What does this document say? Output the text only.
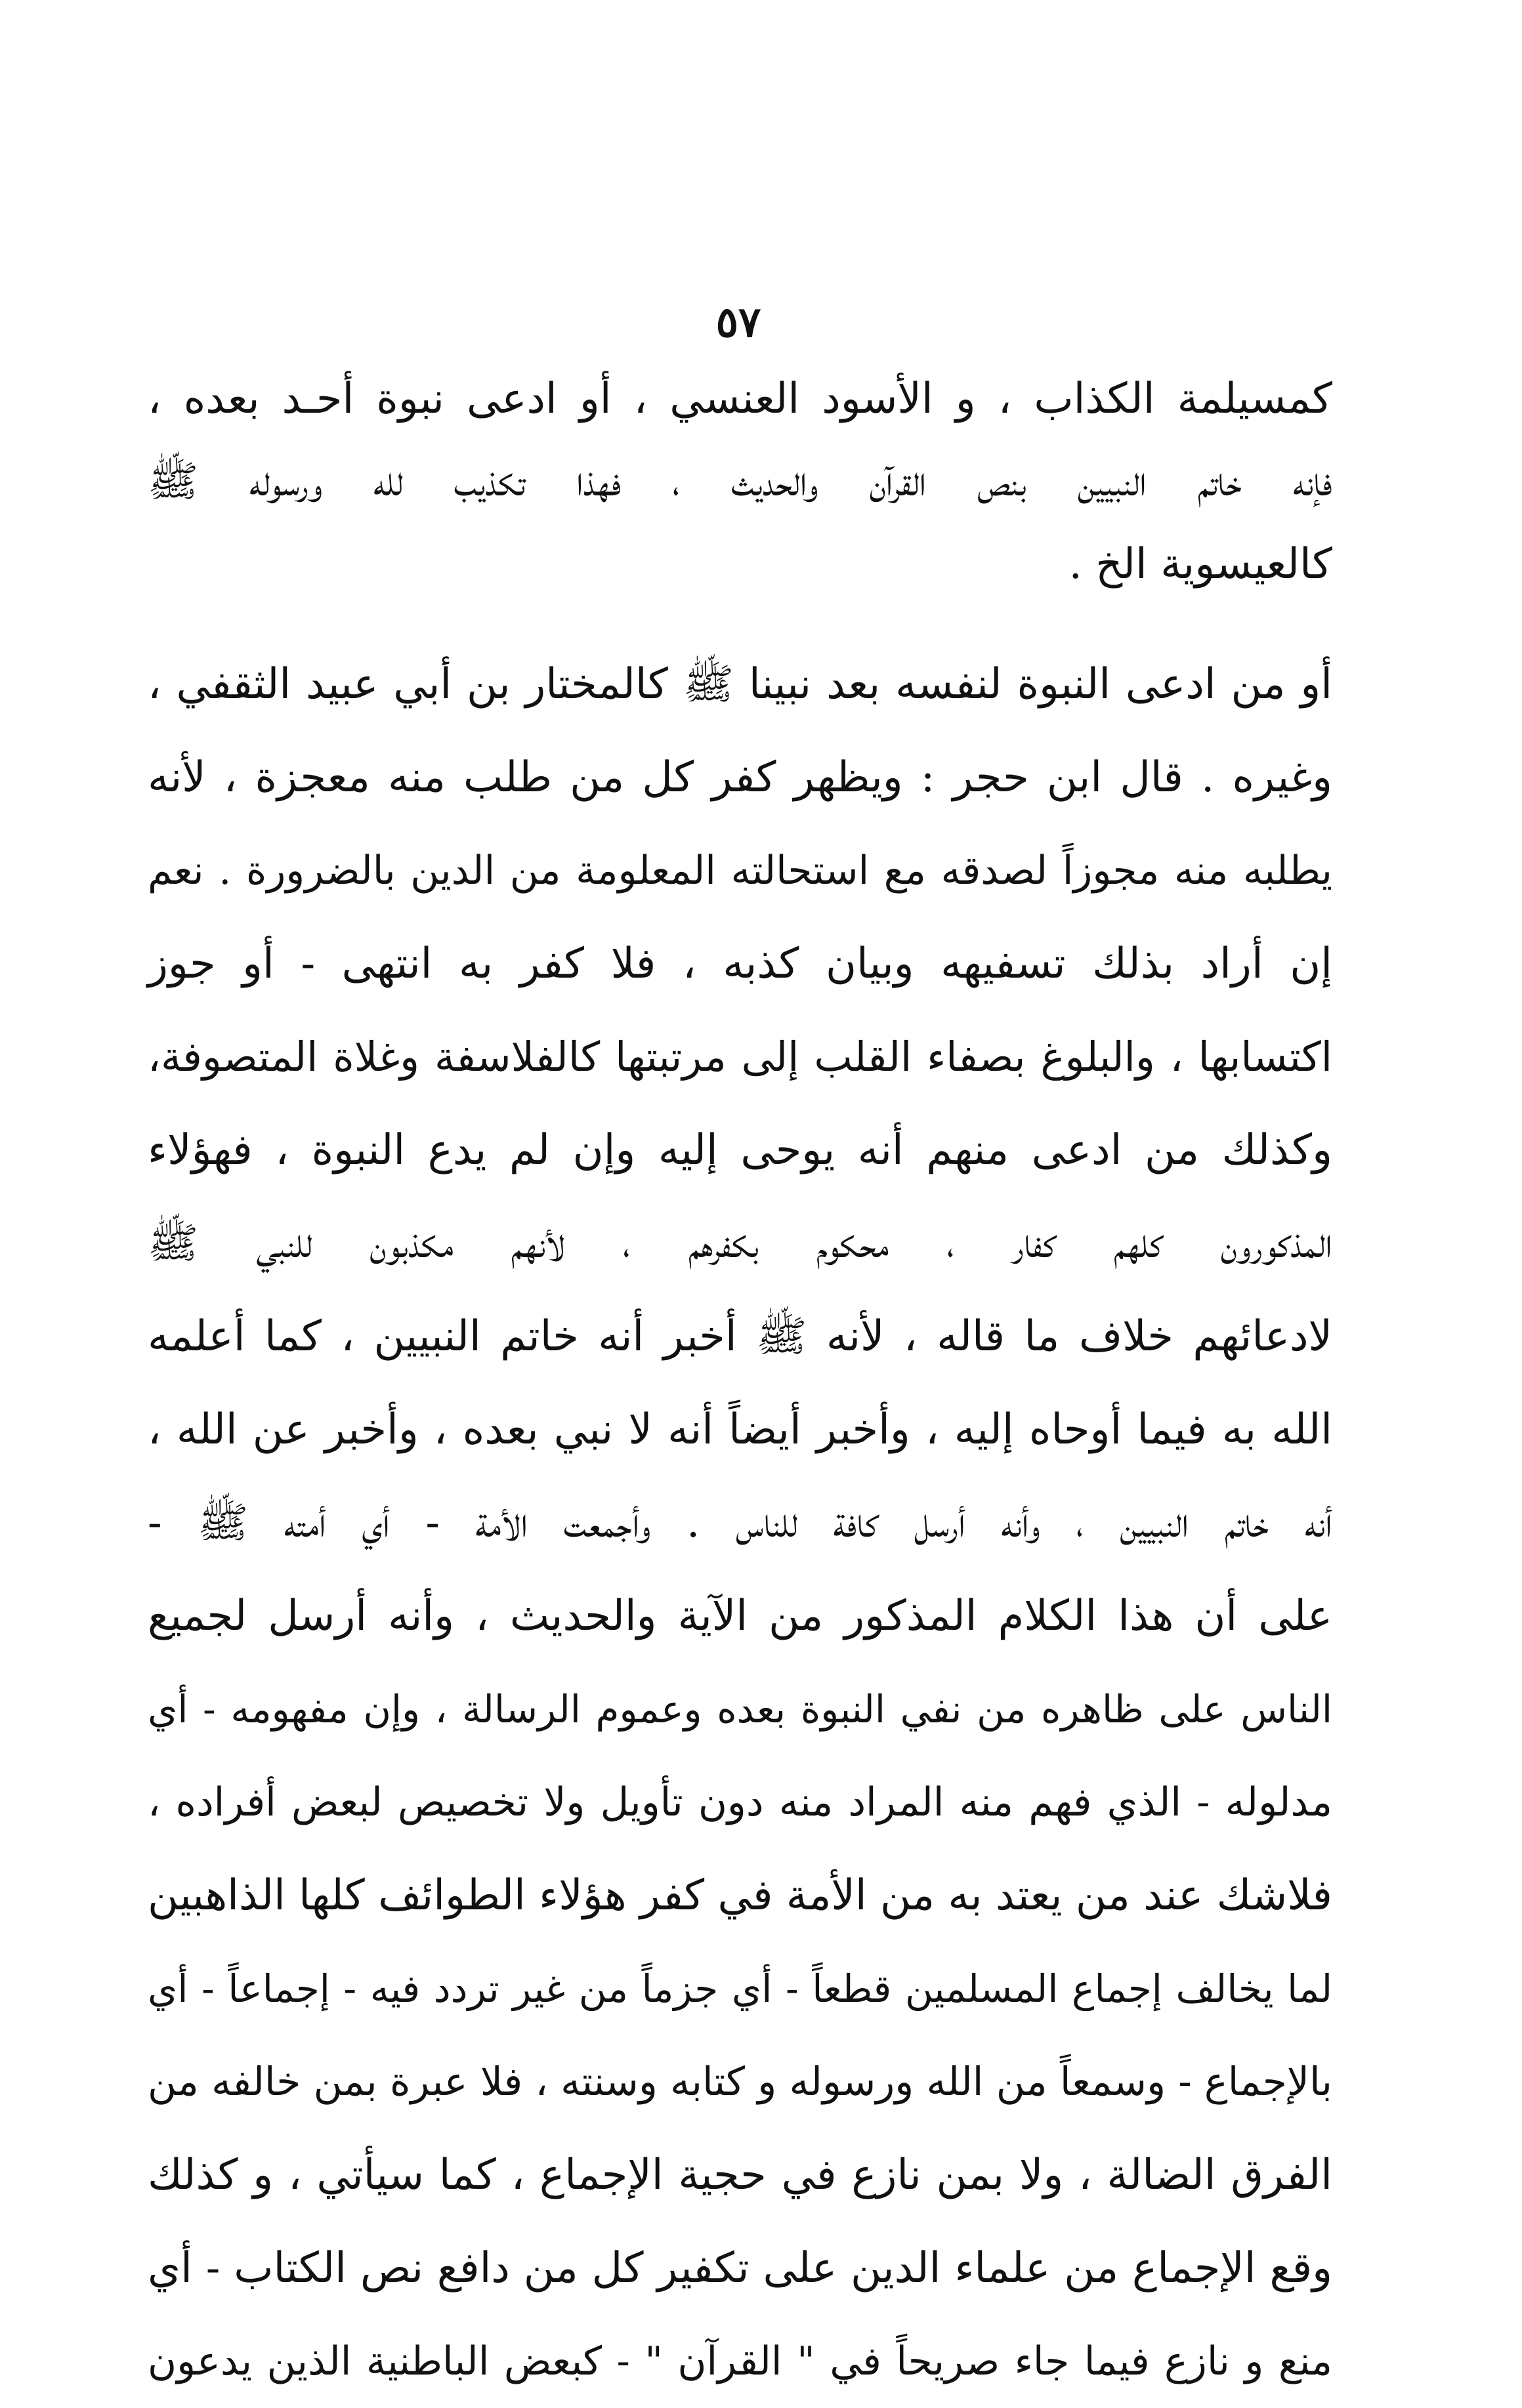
٥٧
كمسيلمة الكذاب ، و الأسود العنسي ، أو ادعى نبوة أحـد بعده ،
فإنه خاتم النبيين بنص القرآن والحديث ، فهذا تكذيب لله ورسوله ﷺ
كالعيسوية الخ .
أو من ادعى النبوة لنفسه بعد نبينا ﷺ كالمختار بن أبي عبيد الثقفي ،
وغيره . قال ابن حجر : ويظهر كفر كل من طلب منه معجزة ، لأنه
يطلبه منه مجوزاً لصدقه مع استحالته المعلومة من الدين بالضرورة . نعم
إن أراد بذلك تسفيهه وبيان كذبه ، فلا كفر به انتهى - أو جوز
اكتسابها ، والبلوغ بصفاء القلب إلى مرتبتها كالفلاسفة وغلاة المتصوفة،
وكذلك من ادعى منهم أنه يوحى إليه وإن لم يدع النبوة ، فهؤلاء
المذكورون كلهم كفار ، محكوم بكفرهم ، لأنهم مكذبون للنبي ﷺ
لادعائهم خلاف ما قاله ، لأنه ﷺ أخبر أنه خاتم النبيين ، كما أعلمه
الله به فيما أوحاه إليه ، وأخبر أيضاً أنه لا نبي بعده ، وأخبر عن الله ،
أنه خاتم النبيين ، وأنه أرسل كافة للناس . وأجمعت الأمة - أي أمته ﷺ -
على أن هذا الكلام المذكور من الآية والحديث ، وأنه أرسل لجميع
الناس على ظاهره من نفي النبوة بعده وعموم الرسالة ، وإن مفهومه - أي
مدلوله - الذي فهم منه المراد منه دون تأويل ولا تخصيص لبعض أفراده ،
فلاشك عند من يعتد به من الأمة في كفر هؤلاء الطوائف كلها الذاهبين
لما يخالف إجماع المسلمين قطعاً - أي جزماً من غير تردد فيه - إجماعاً - أي
بالإجماع - وسمعاً من الله ورسوله و كتابه وسنته ، فلا عبرة بمن خالفه من
الفرق الضالة ، ولا بمن نازع في حجية الإجماع ، كما سيأتي ، و كذلك
وقع الإجماع من علماء الدين على تكفير كل من دافع نص الكتاب - أي
منع و نازع فيما جاء صريحاً في " القرآن " - كبعض الباطنية الذين يدعون
